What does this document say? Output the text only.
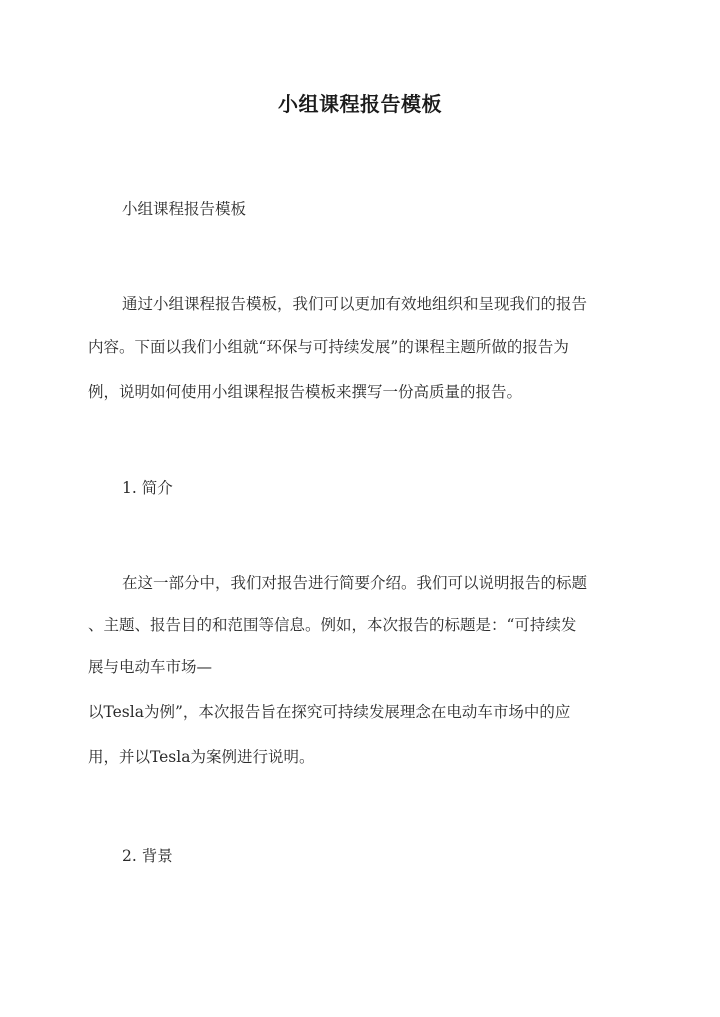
小组课程报告模板
小组课程报告模板
通过小组课程报告模板，我们可以更加有效地组织和呈现我们的报告
内容。下面以我们小组就“环保与可持续发展”的课程主题所做的报告为
例，说明如何使用小组课程报告模板来撰写一份高质量的报告。
1. 简介
在这一部分中，我们对报告进行简要介绍。我们可以说明报告的标题
、主题、报告目的和范围等信息。例如，本次报告的标题是：“可持续发
展与电动车市场—
以Tesla为例”，本次报告旨在探究可持续发展理念在电动车市场中的应
用，并以Tesla为案例进行说明。
2. 背景
